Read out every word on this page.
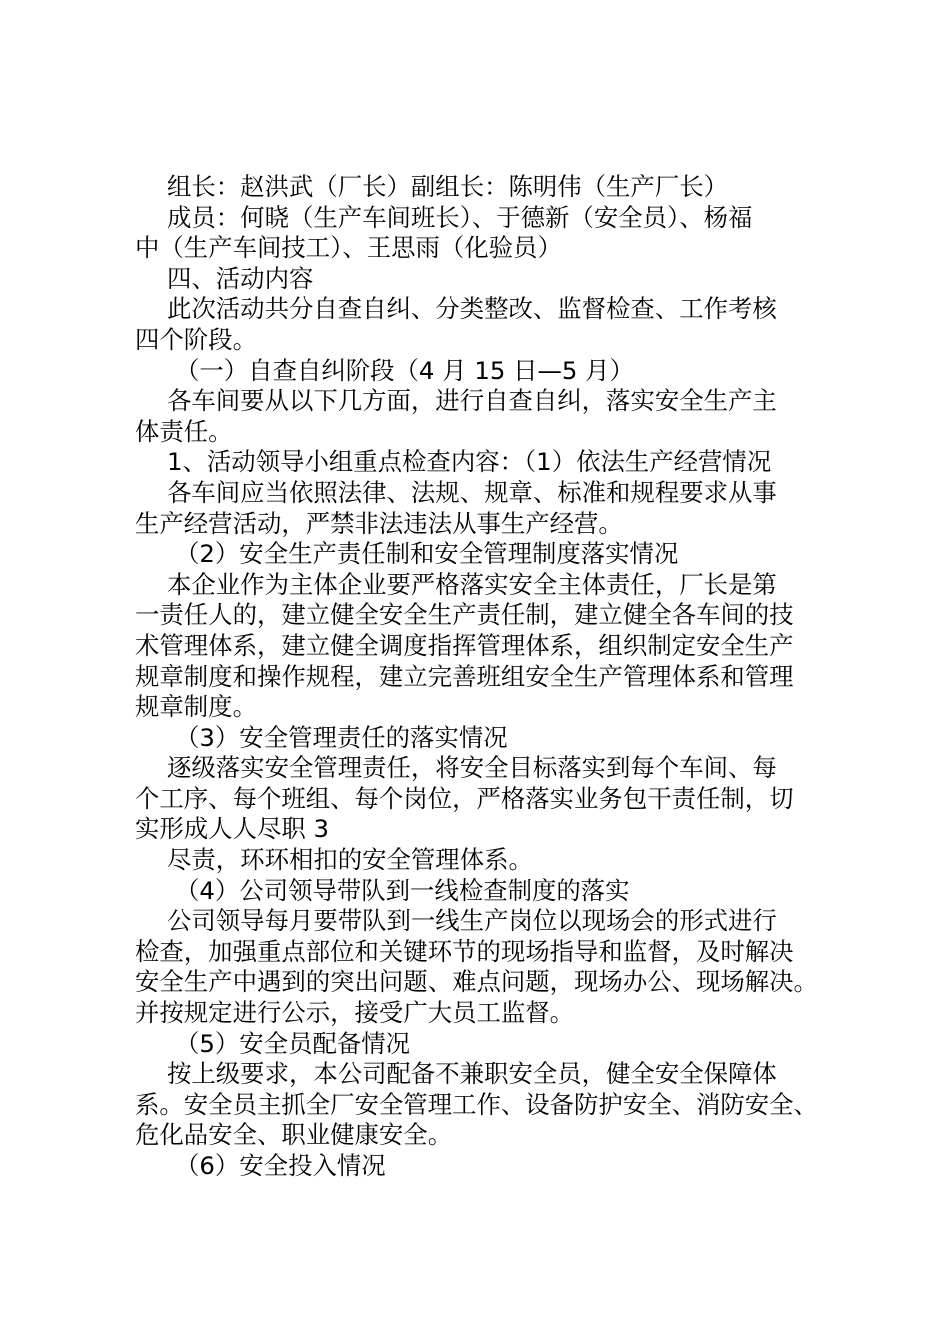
组长：赵洪武（厂长）副组长：陈明伟（生产厂长）
成员：何晓（生产车间班长）、于德新（安全员）、杨福
中（生产车间技工）、王思雨（化验员）
四、活动内容
此次活动共分自查自纠、分类整改、监督检查、工作考核
四个阶段。
（一）自查自纠阶段（4 月 15 日—5 月）
各车间要从以下几方面，进行自查自纠，落实安全生产主
体责任。
1、活动领导小组重点检查内容：（1）依法生产经营情况
各车间应当依照法律、法规、规章、标准和规程要求从事
生产经营活动，严禁非法违法从事生产经营。
（2）安全生产责任制和安全管理制度落实情况
本企业作为主体企业要严格落实安全主体责任，厂长是第
一责任人的，建立健全安全生产责任制，建立健全各车间的技
术管理体系，建立健全调度指挥管理体系，组织制定安全生产
规章制度和操作规程，建立完善班组安全生产管理体系和管理
规章制度。
（3）安全管理责任的落实情况
逐级落实安全管理责任，将安全目标落实到每个车间、每
个工序、每个班组、每个岗位，严格落实业务包干责任制，切
实形成人人尽职 3
尽责，环环相扣的安全管理体系。
（4）公司领导带队到一线检查制度的落实
公司领导每月要带队到一线生产岗位以现场会的形式进行
检查，加强重点部位和关键环节的现场指导和监督，及时解决
安全生产中遇到的突出问题、难点问题，现场办公、现场解决。
并按规定进行公示，接受广大员工监督。
（5）安全员配备情况
按上级要求，本公司配备不兼职安全员，健全安全保障体
系。安全员主抓全厂安全管理工作、设备防护安全、消防安全、
危化品安全、职业健康安全。
（6）安全投入情况
